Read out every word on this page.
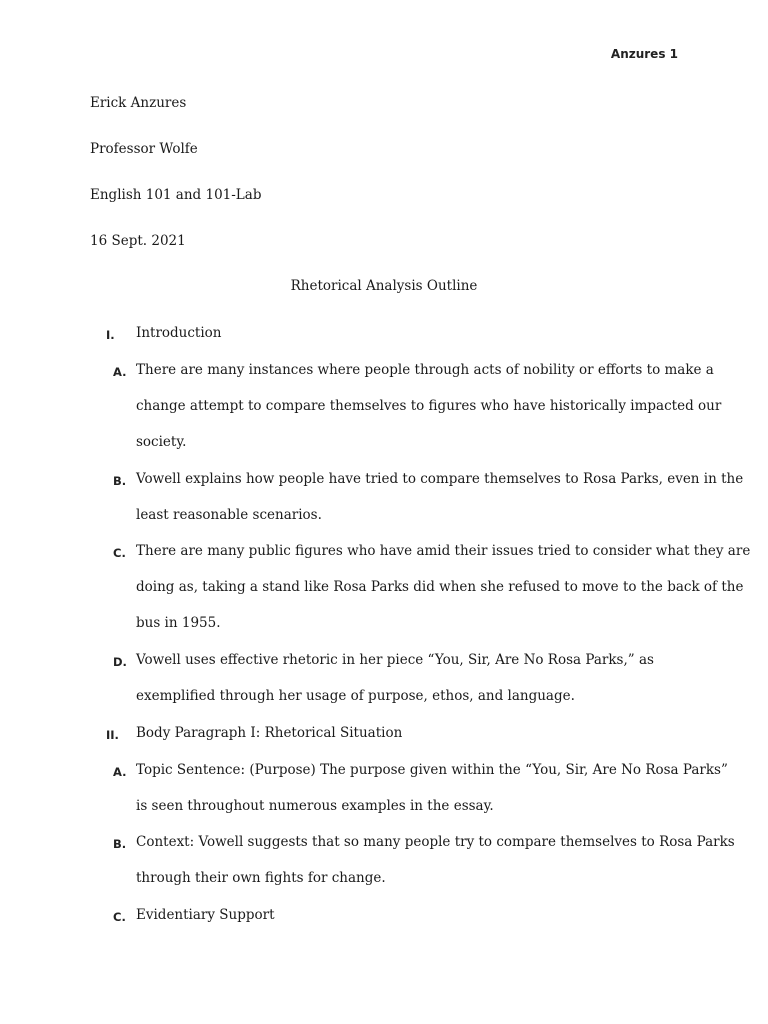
Anzures 1
Erick Anzures
Professor Wolfe
English 101 and 101-Lab
16 Sept. 2021
Rhetorical Analysis Outline
I. Introduction
A. There are many instances where people through acts of nobility or efforts to make a
change attempt to compare themselves to figures who have historically impacted our
society.
B. Vowell explains how people have tried to compare themselves to Rosa Parks, even in the
least reasonable scenarios.
C. There are many public figures who have amid their issues tried to consider what they are
doing as, taking a stand like Rosa Parks did when she refused to move to the back of the
bus in 1955.
D. Vowell uses effective rhetoric in her piece “You, Sir, Are No Rosa Parks,” as
exemplified through her usage of purpose, ethos, and language.
II. Body Paragraph I: Rhetorical Situation
A. Topic Sentence: (Purpose) The purpose given within the “You, Sir, Are No Rosa Parks”
is seen throughout numerous examples in the essay.
B. Context: Vowell suggests that so many people try to compare themselves to Rosa Parks
through their own fights for change.
C. Evidentiary Support
